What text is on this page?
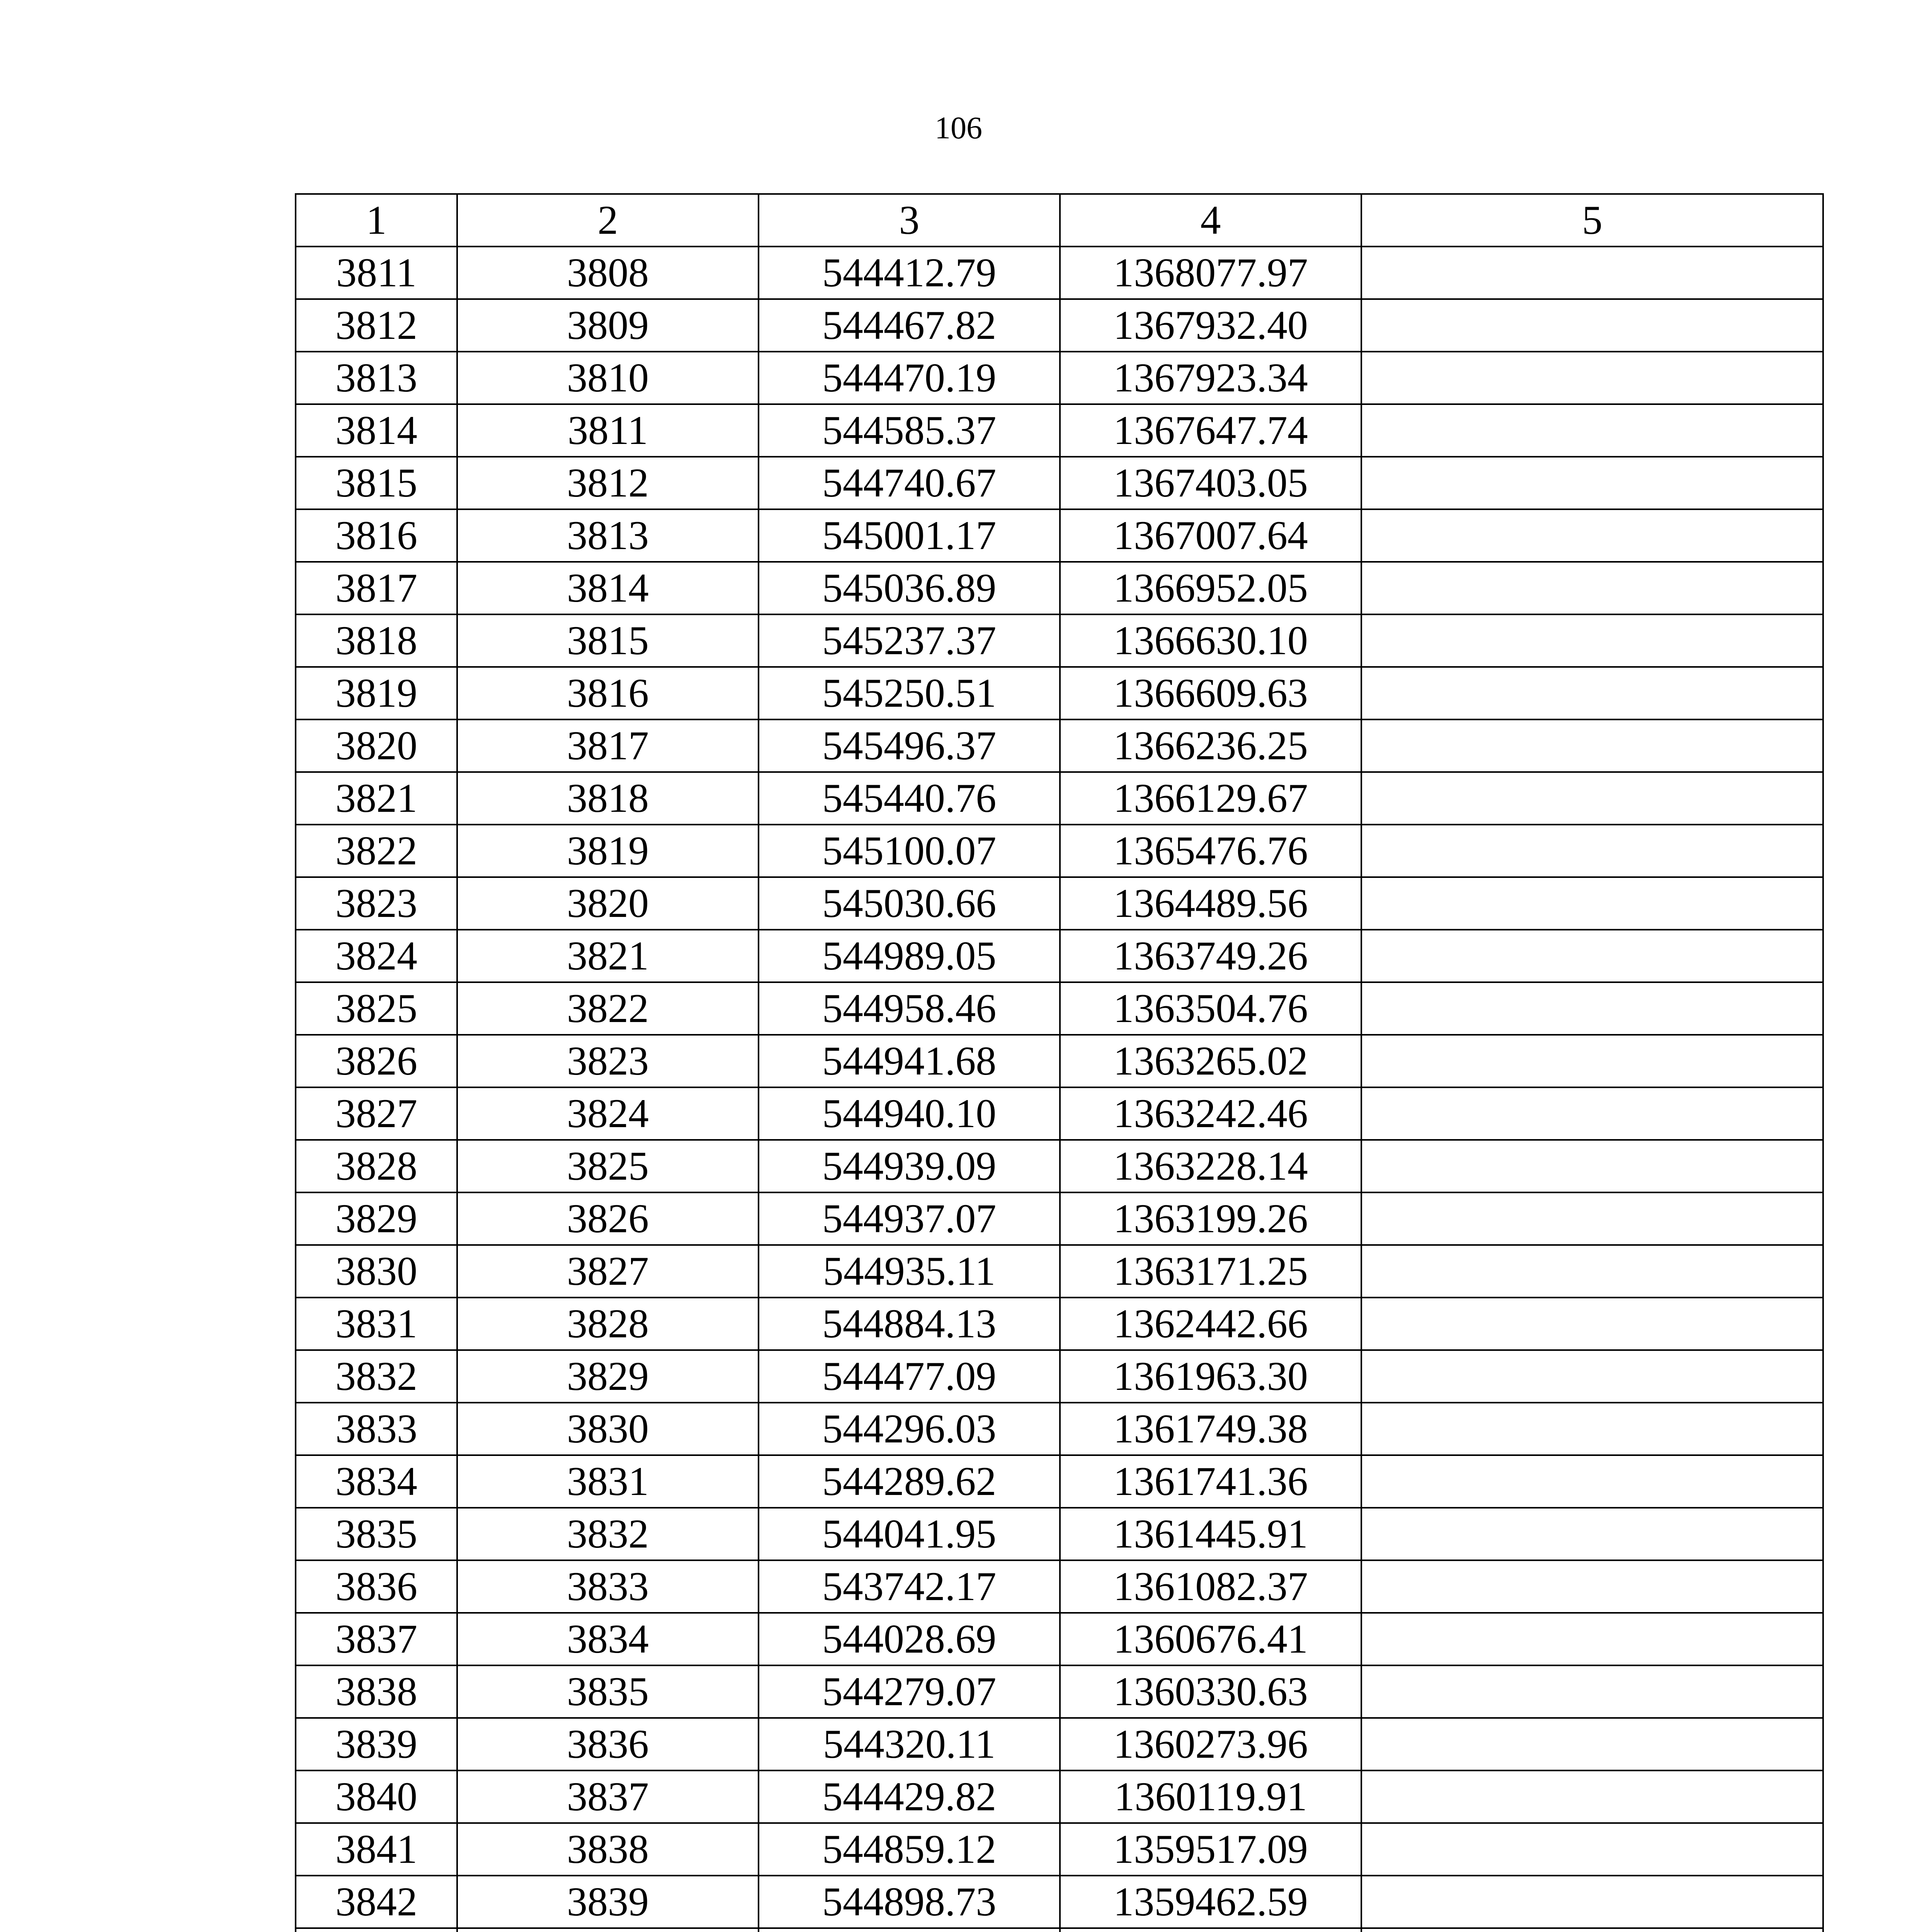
106
1	2	3	4	5
3811	3808	544412.79	1368077.97	
3812	3809	544467.82	1367932.40	
3813	3810	544470.19	1367923.34	
3814	3811	544585.37	1367647.74	
3815	3812	544740.67	1367403.05	
3816	3813	545001.17	1367007.64	
3817	3814	545036.89	1366952.05	
3818	3815	545237.37	1366630.10	
3819	3816	545250.51	1366609.63	
3820	3817	545496.37	1366236.25	
3821	3818	545440.76	1366129.67	
3822	3819	545100.07	1365476.76	
3823	3820	545030.66	1364489.56	
3824	3821	544989.05	1363749.26	
3825	3822	544958.46	1363504.76	
3826	3823	544941.68	1363265.02	
3827	3824	544940.10	1363242.46	
3828	3825	544939.09	1363228.14	
3829	3826	544937.07	1363199.26	
3830	3827	544935.11	1363171.25	
3831	3828	544884.13	1362442.66	
3832	3829	544477.09	1361963.30	
3833	3830	544296.03	1361749.38	
3834	3831	544289.62	1361741.36	
3835	3832	544041.95	1361445.91	
3836	3833	543742.17	1361082.37	
3837	3834	544028.69	1360676.41	
3838	3835	544279.07	1360330.63	
3839	3836	544320.11	1360273.96	
3840	3837	544429.82	1360119.91	
3841	3838	544859.12	1359517.09	
3842	3839	544898.73	1359462.59	
